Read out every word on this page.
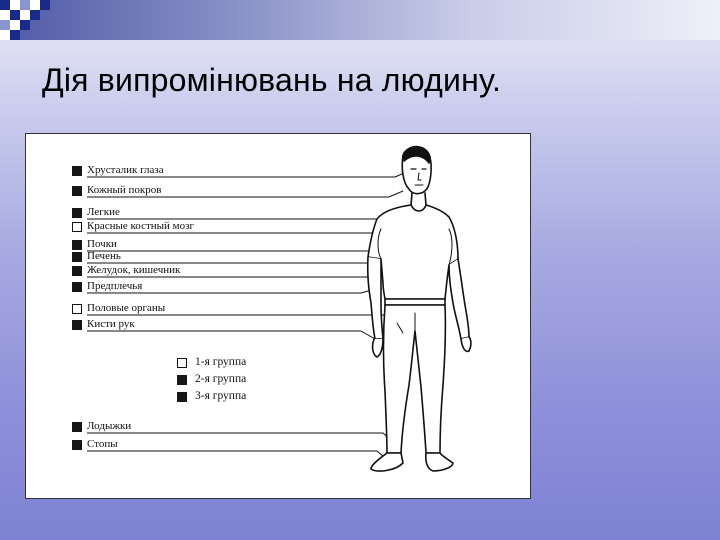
Дія випромінювань на людину.
Хрусталик глаза
Кожный покров
Легкие
Красные костный мозг
Почки
Печень
Желудок, кишечник
Предплечья
Половые органы
Кисти рук
Лодыжки
Стопы
1-я группа
2-я группа
3-я группа
